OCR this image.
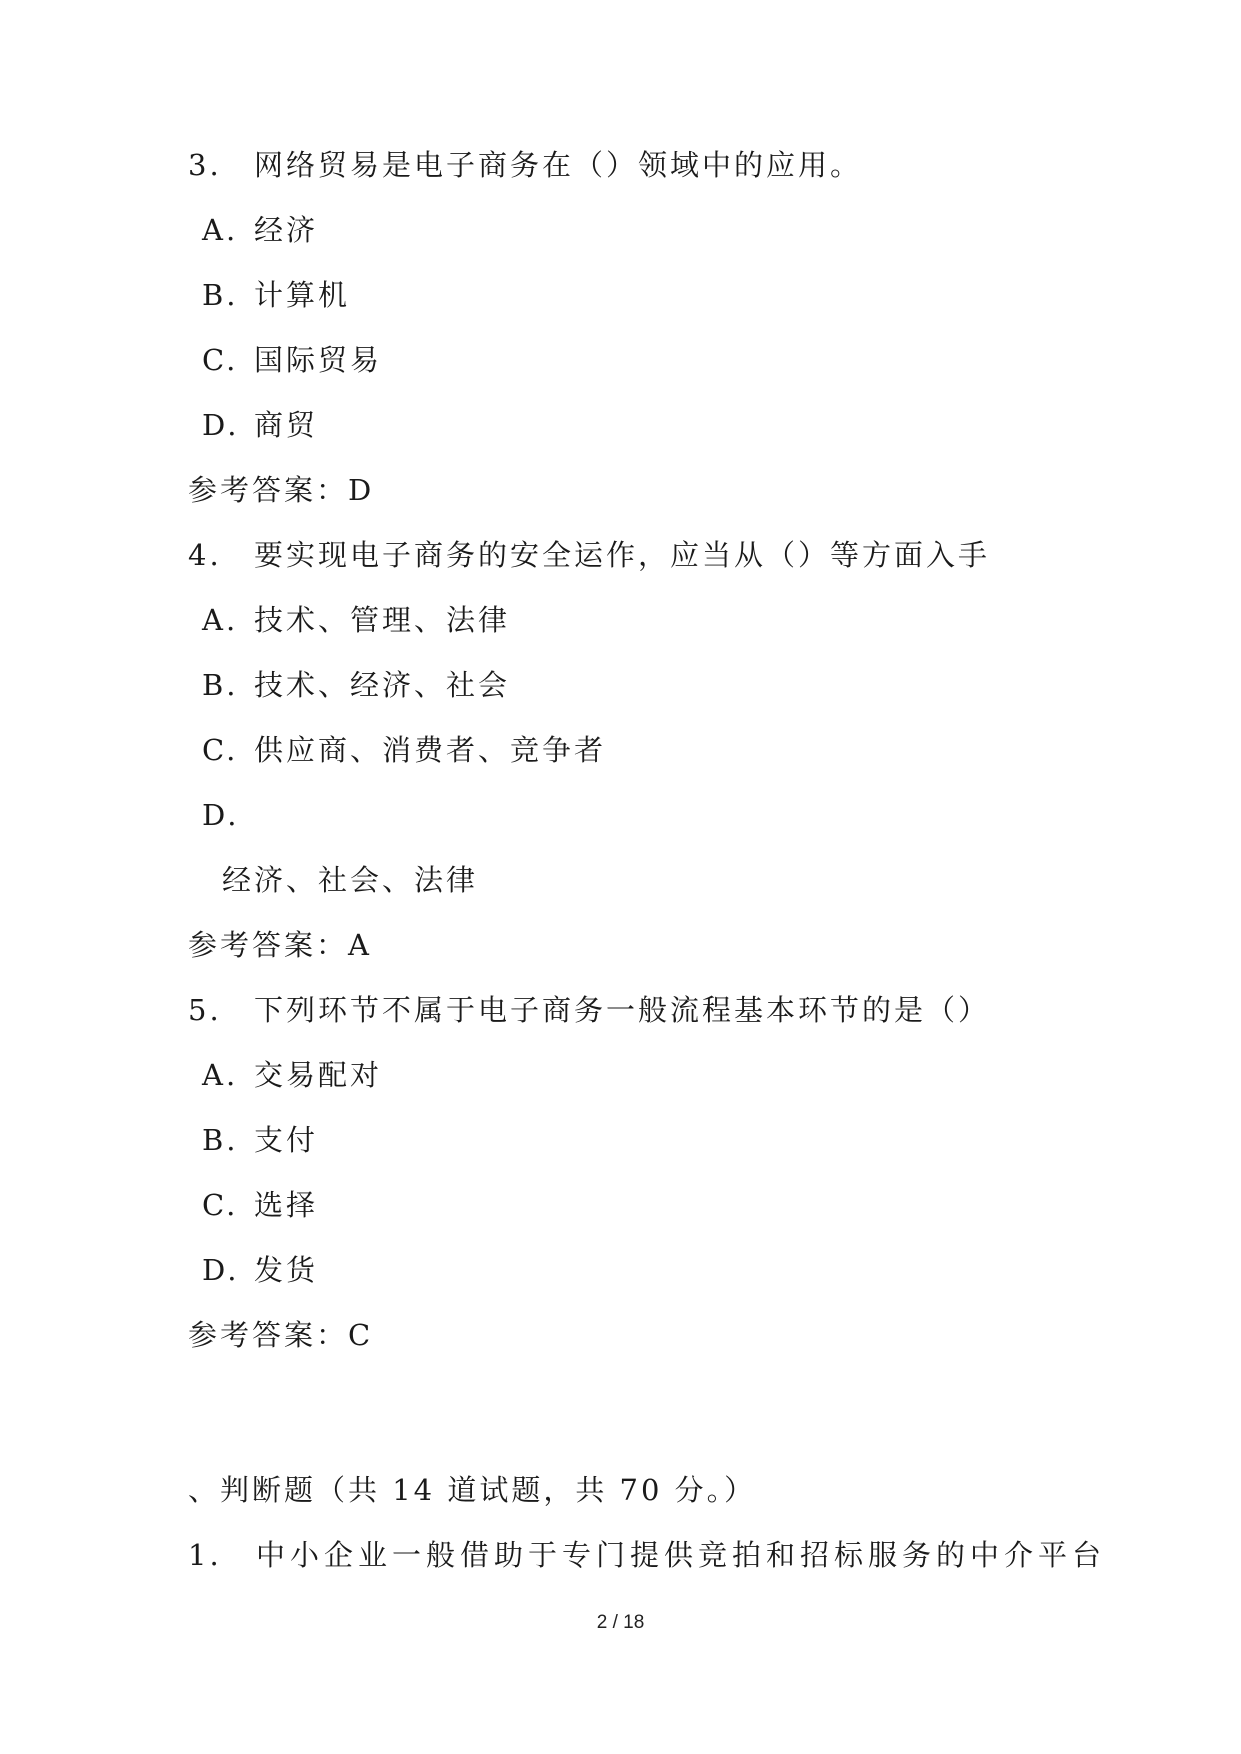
3. 网络贸易是电子商务在（）领域中的应用。
A. 经济
B. 计算机
C. 国际贸易
D. 商贸
参考答案：D
4. 要实现电子商务的安全运作，应当从（）等方面入手
A. 技术、管理、法律
B. 技术、经济、社会
C. 供应商、消费者、竞争者
D.
经济、社会、法律
参考答案：A
5. 下列环节不属于电子商务一般流程基本环节的是（）
A. 交易配对
B. 支付
C. 选择
D. 发货
参考答案：C
、判断题（共 14 道试题，共 70 分。）
1. 中小企业一般借助于专门提供竞拍和招标服务的中介平台
2 / 18
